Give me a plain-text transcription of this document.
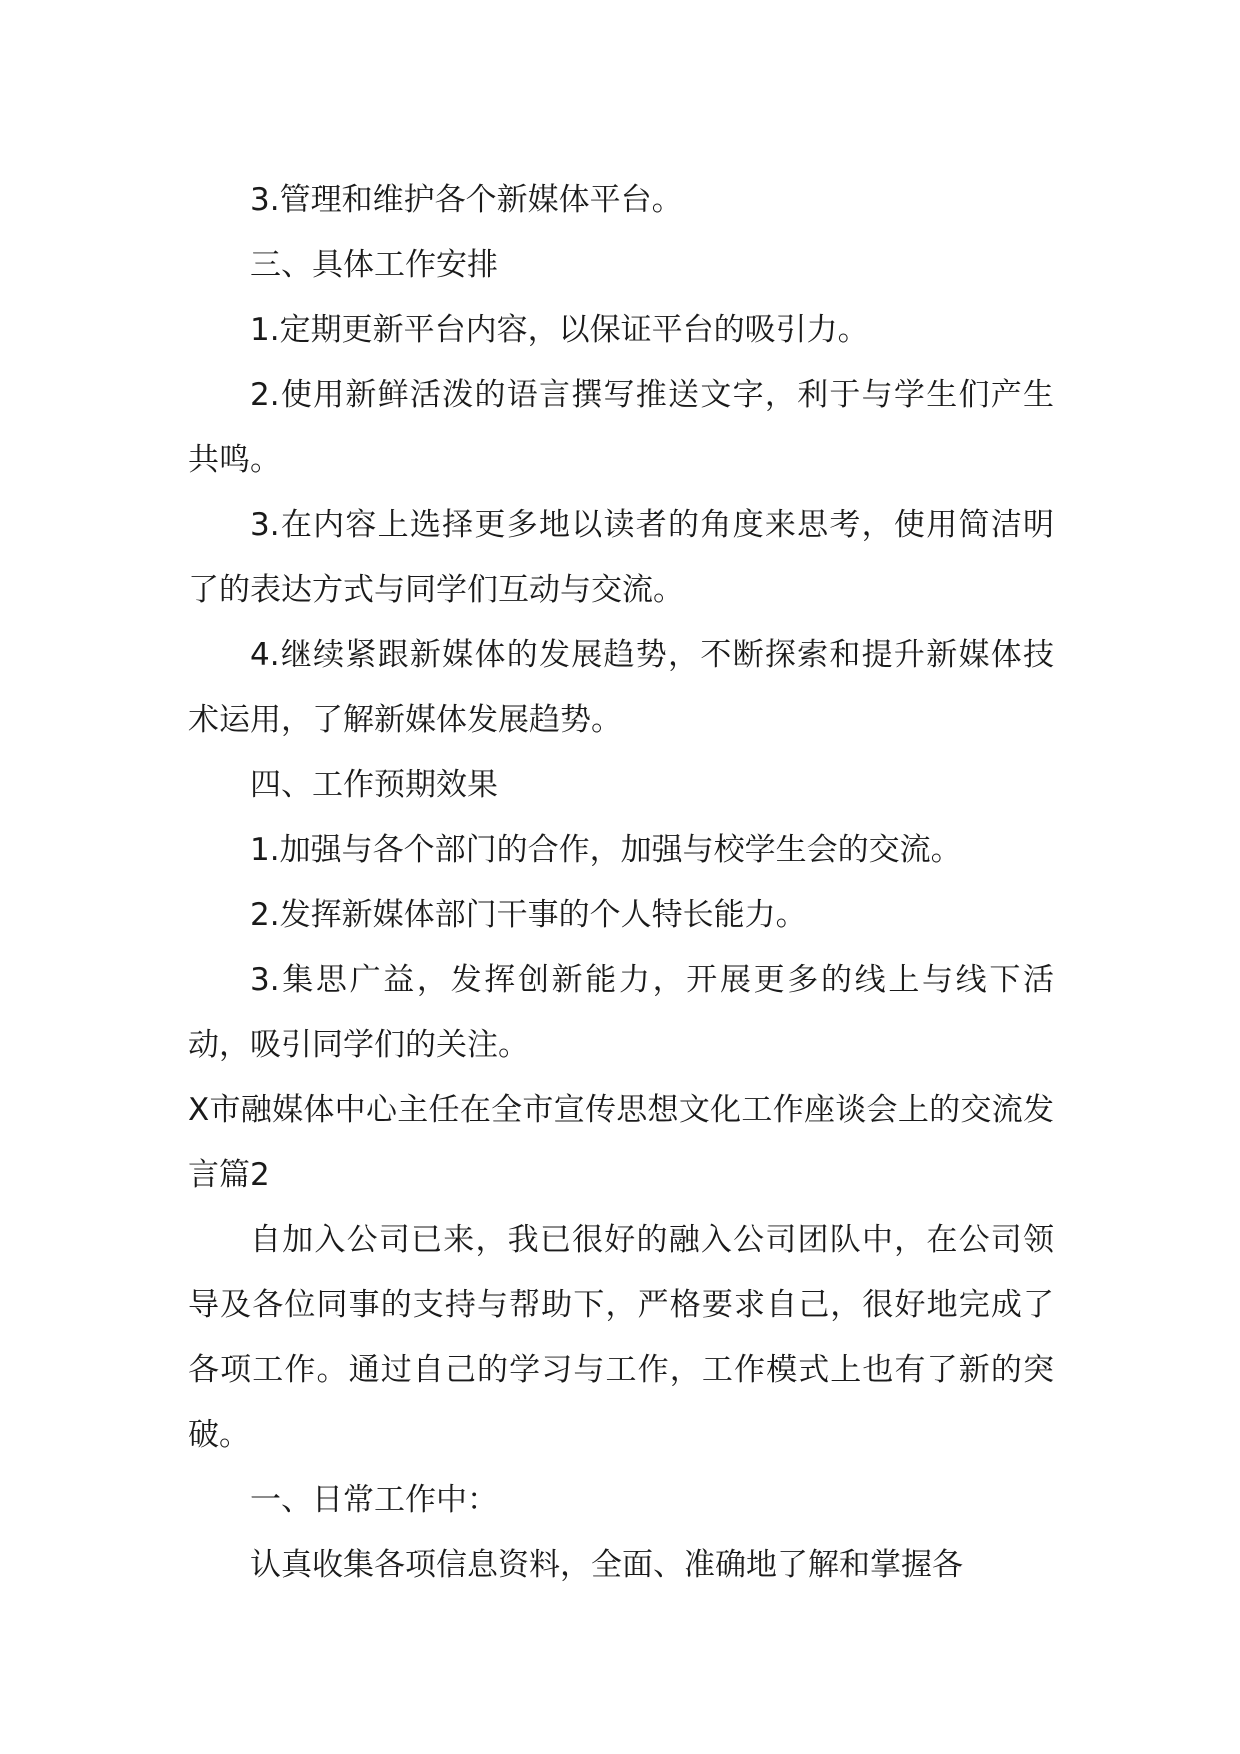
3.管理和维护各个新媒体平台。

三、具体工作安排

1.定期更新平台内容，以保证平台的吸引力。

2.使用新鲜活泼的语言撰写推送文字，利于与学生们产生共鸣。

3.在内容上选择更多地以读者的角度来思考，使用简洁明了的表达方式与同学们互动与交流。

4.继续紧跟新媒体的发展趋势，不断探索和提升新媒体技术运用，了解新媒体发展趋势。

四、工作预期效果

1.加强与各个部门的合作，加强与校学生会的交流。

2.发挥新媒体部门干事的个人特长能力。

3.集思广益，发挥创新能力，开展更多的线上与线下活动，吸引同学们的关注。

X市融媒体中心主任在全市宣传思想文化工作座谈会上的交流发言篇2

自加入公司已来，我已很好的融入公司团队中，在公司领导及各位同事的支持与帮助下，严格要求自己，很好地完成了各项工作。通过自己的学习与工作，工作模式上也有了新的突破。

一、日常工作中：

认真收集各项信息资料，全面、准确地了解和掌握各
